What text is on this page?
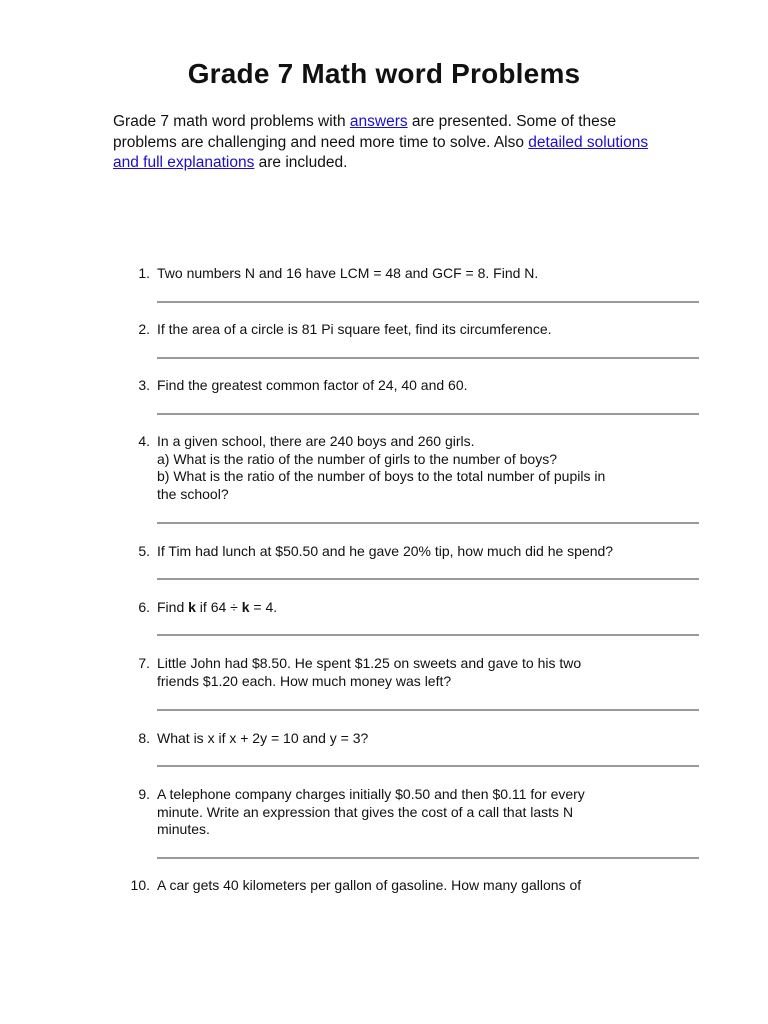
Grade 7 Math word Problems

Grade 7 math word problems with answers are presented. Some of these problems are challenging and need more time to solve. Also detailed solutions and full explanations are included.

1. Two numbers N and 16 have LCM = 48 and GCF = 8. Find N.
2. If the area of a circle is 81 Pi square feet, find its circumference.
3. Find the greatest common factor of 24, 40 and 60.
4. In a given school, there are 240 boys and 260 girls.
a) What is the ratio of the number of girls to the number of boys?
b) What is the ratio of the number of boys to the total number of pupils in
the school?
5. If Tim had lunch at $50.50 and he gave 20% tip, how much did he spend?
6. Find k if 64 ÷ k = 4.
7. Little John had $8.50. He spent $1.25 on sweets and gave to his two
friends $1.20 each. How much money was left?
8. What is x if x + 2y = 10 and y = 3?
9. A telephone company charges initially $0.50 and then $0.11 for every
minute. Write an expression that gives the cost of a call that lasts N
minutes.
10. A car gets 40 kilometers per gallon of gasoline. How many gallons of
